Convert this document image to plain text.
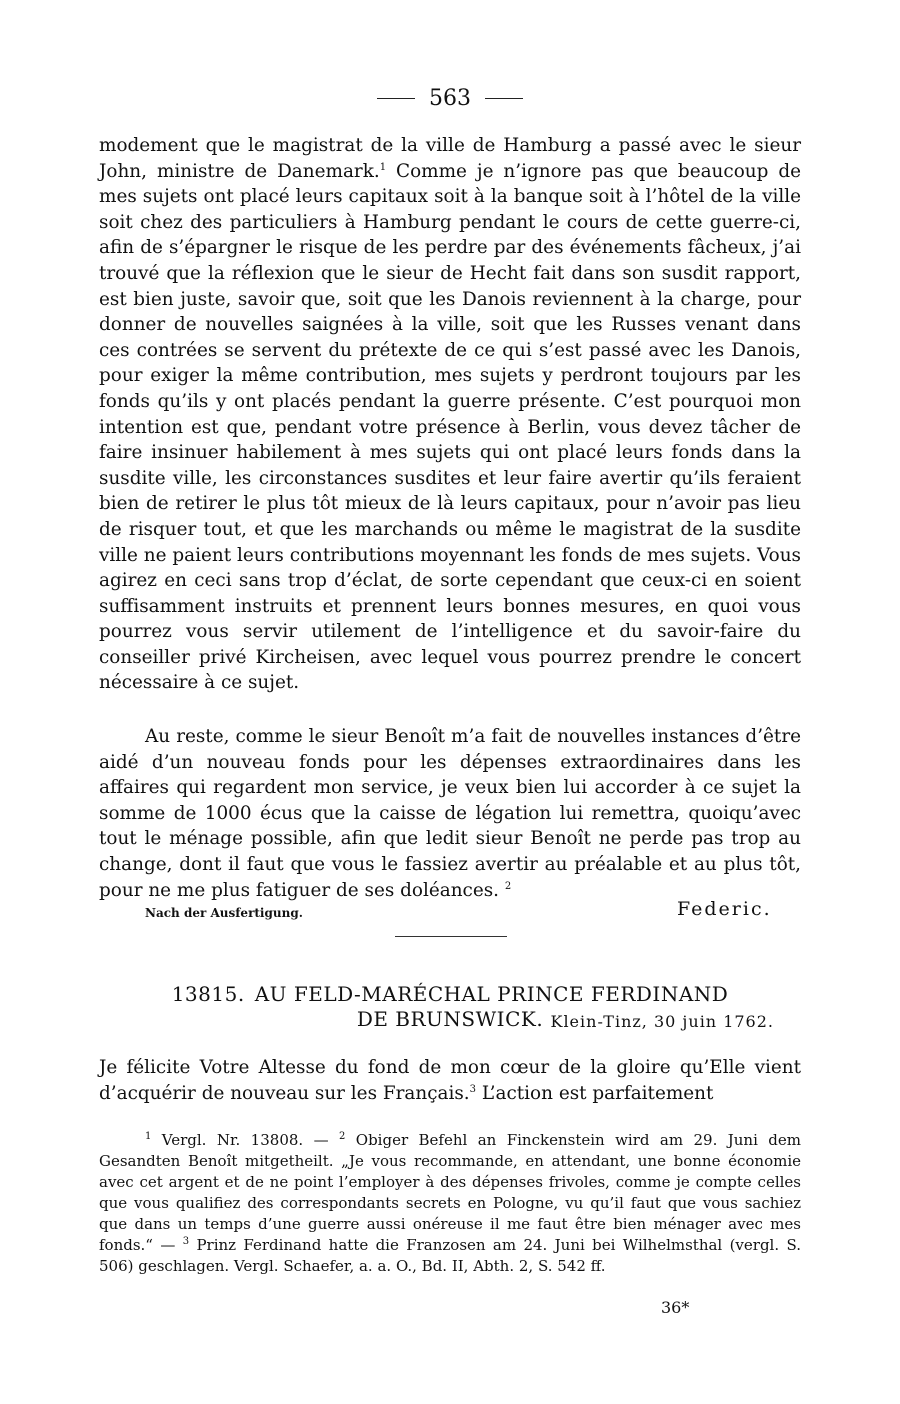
563

modement que le magistrat de la ville de Hamburg a passé avec le sieur John, ministre de Danemark.$^1$ Comme je n’ignore pas que beaucoup de mes sujets ont placé leurs capitaux soit à la banque soit à l’hôtel de la ville soit chez des particuliers à Hamburg pendant le cours de cette guerre-ci, afin de s’épargner le risque de les perdre par des événements fâcheux, j’ai trouvé que la réflexion que le sieur de Hecht fait dans son susdit rapport, est bien juste, savoir que, soit que les Danois reviennent à la charge, pour donner de nouvelles saignées à la ville, soit que les Russes venant dans ces contrées se servent du prétexte de ce qui s’est passé avec les Danois, pour exiger la même contribution, mes sujets y perdront toujours par les fonds qu’ils y ont placés pendant la guerre présente. C’est pourquoi mon intention est que, pendant votre présence à Berlin, vous devez tâcher de faire insinuer habilement à mes sujets qui ont placé leurs fonds dans la susdite ville, les circonstances susdites et leur faire avertir qu’ils feraient bien de retirer le plus tôt mieux de là leurs capitaux, pour n’avoir pas lieu de risquer tout, et que les marchands ou même le magistrat de la susdite ville ne paient leurs contributions moyennant les fonds de mes sujets. Vous agirez en ceci sans trop d’éclat, de sorte cependant que ceux-ci en soient suffisamment instruits et prennent leurs bonnes mesures, en quoi vous pourrez vous servir utilement de l’intelligence et du savoir-faire du conseiller privé Kircheisen, avec lequel vous pourrez prendre le concert nécessaire à ce sujet.

Au reste, comme le sieur Benoît m’a fait de nouvelles instances d’être aidé d’un nouveau fonds pour les dépenses extraordinaires dans les affaires qui regardent mon service, je veux bien lui accorder à ce sujet la somme de 1000 écus que la caisse de légation lui remettra, quoiqu’avec tout le ménage possible, afin que ledit sieur Benoît ne perde pas trop au change, dont il faut que vous le fassiez avertir au préalable et au plus tôt, pour ne me plus fatiguer de ses doléances. $^2$

Nach der Ausfertigung.	Federic.
13815. AU FELD-MARÉCHAL PRINCE FERDINAND
DE BRUNSWICK. Klein-Tinz, 30 juin 1762.

Je félicite Votre Altesse du fond de mon cœur de la gloire qu’Elle vient d’acquérir de nouveau sur les Français.$^3$ L’action est parfaitement

$^1$ Vergl. Nr. 13808. — $^2$ Obiger Befehl an Finckenstein wird am 29. Juni dem Gesandten Benoît mitgetheilt. „Je vous recommande, en attendant, une bonne économie avec cet argent et de ne point l’employer à des dépenses frivoles, comme je compte celles que vous qualifiez des correspondants secrets en Pologne, vu qu’il faut que vous sachiez que dans un temps d’une guerre aussi onéreuse il me faut être bien ménager avec mes fonds.“ — $^3$ Prinz Ferdinand hatte die Franzosen am 24. Juni bei Wilhelmsthal (vergl. S. 506) geschlagen. Vergl. Schaefer, a. a. O., Bd. II, Abth. 2, S. 542 ff.

36*
